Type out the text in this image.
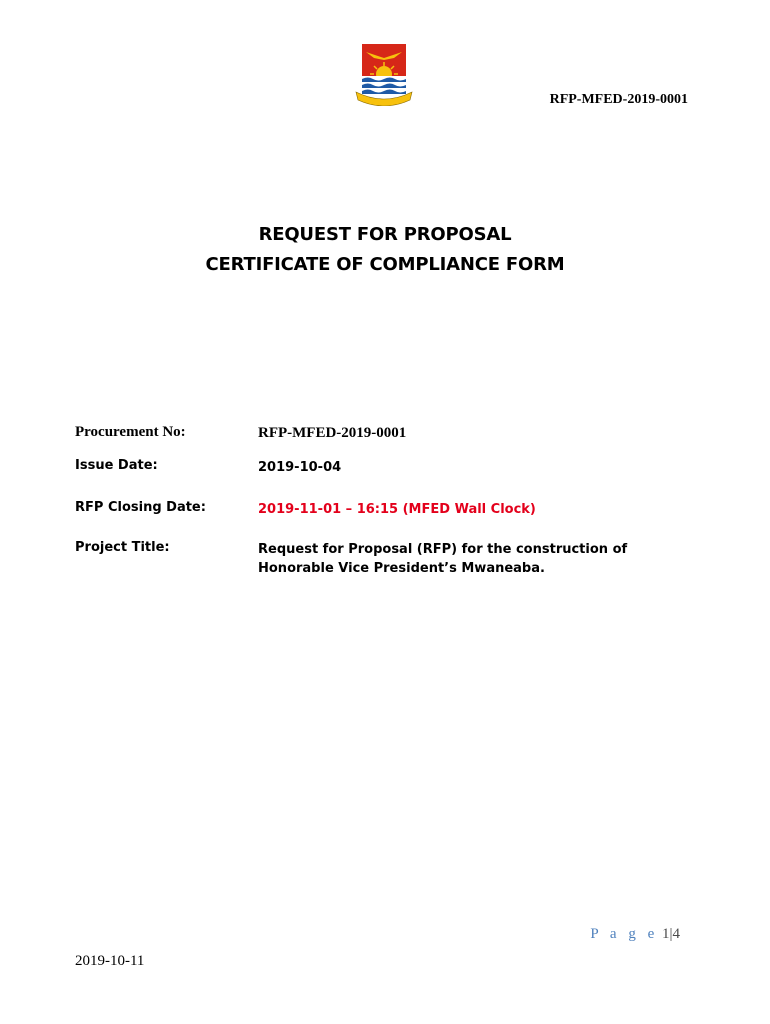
RFP-MFED-2019-0001
REQUEST FOR PROPOSAL
CERTIFICATE OF COMPLIANCE FORM
Procurement No:	RFP-MFED-2019-0001
Issue Date:	2019-10-04
RFP Closing Date:	2019-11-01 – 16:15 (MFED Wall Clock)
Project Title:	Request for Proposal (RFP) for the construction of Honorable Vice President’s Mwaneaba.
P a g e 1|4
2019-10-11
